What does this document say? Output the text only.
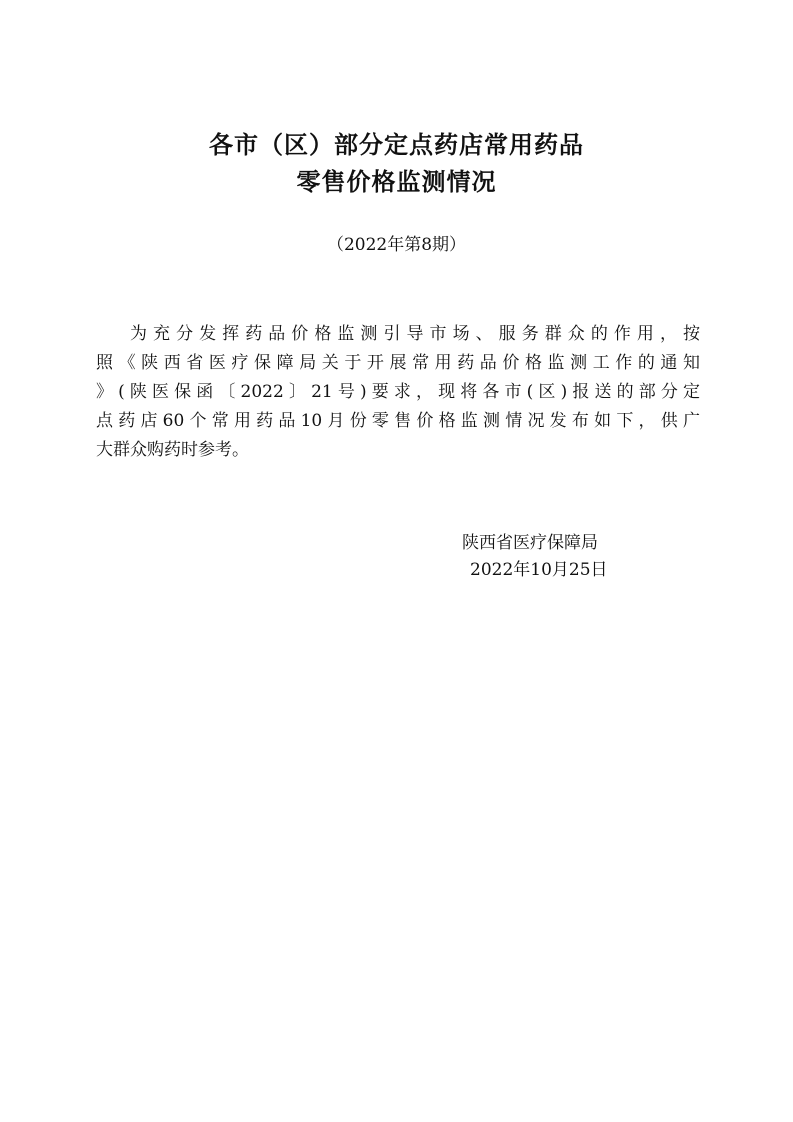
各市（区）部分定点药店常用药品
零售价格监测情况
（2022年第8期）
为充分发挥药品价格监测引导市场、服务群众的作用，按
照《陕西省医疗保障局关于开展常用药品价格监测工作的通知
》(陕医保函〔2022〕21号)要求，现将各市(区)报送的部分定
点药店60个常用药品10月份零售价格监测情况发布如下，供广
大群众购药时参考。
陕西省医疗保障局
2022年10月25日
